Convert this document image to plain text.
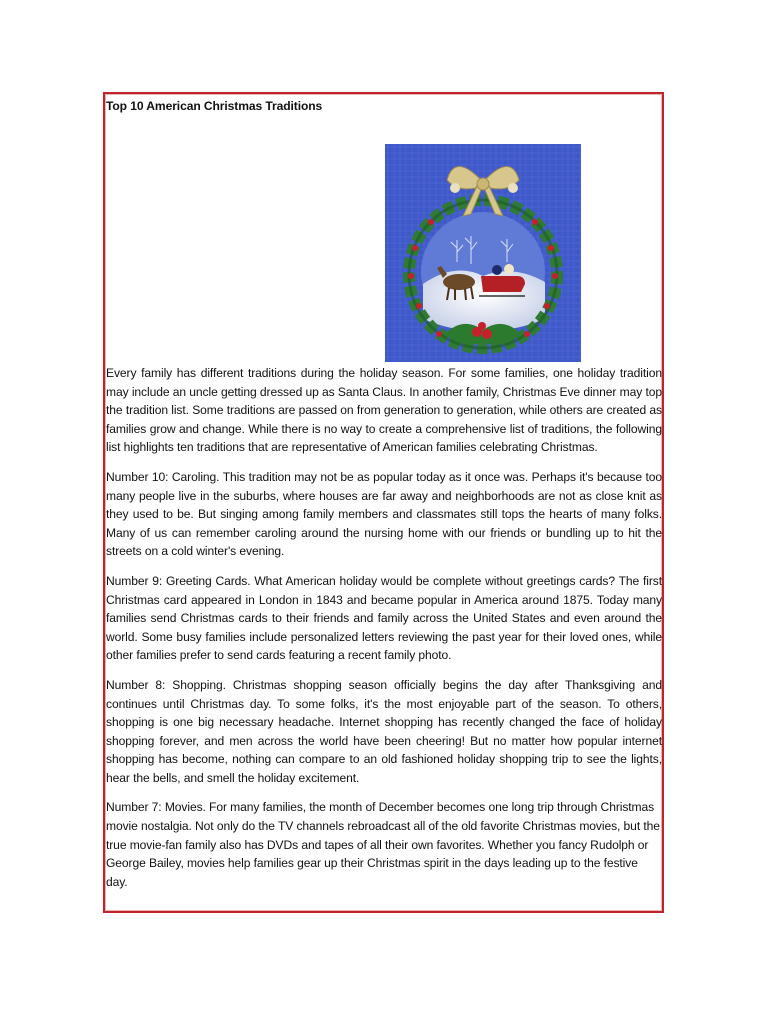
Top 10 American Christmas Traditions

Every family has different traditions during the holiday season. For some families, one holiday tradition may include an uncle getting dressed up as Santa Claus. In another family, Christmas Eve dinner may top the tradition list. Some traditions are passed on from generation to generation, while others are created as families grow and change. While there is no way to create a comprehensive list of traditions, the following list highlights ten traditions that are representative of American families celebrating Christmas.

Number 10: Caroling. This tradition may not be as popular today as it once was. Perhaps it's because too many people live in the suburbs, where houses are far away and neighborhoods are not as close knit as they used to be. But singing among family members and classmates still tops the hearts of many folks. Many of us can remember caroling around the nursing home with our friends or bundling up to hit the streets on a cold winter's evening.

Number 9: Greeting Cards. What American holiday would be complete without greetings cards? The first Christmas card appeared in London in 1843 and became popular in America around 1875. Today many families send Christmas cards to their friends and family across the United States and even around the world. Some busy families include personalized letters reviewing the past year for their loved ones, while other families prefer to send cards featuring a recent family photo.

Number 8: Shopping. Christmas shopping season officially begins the day after Thanksgiving and continues until Christmas day. To some folks, it's the most enjoyable part of the season. To others, shopping is one big necessary headache. Internet shopping has recently changed the face of holiday shopping forever, and men across the world have been cheering! But no matter how popular internet shopping has become, nothing can compare to an old fashioned holiday shopping trip to see the lights, hear the bells, and smell the holiday excitement.

Number 7: Movies. For many families, the month of December becomes one long trip through Christmas movie nostalgia. Not only do the TV channels rebroadcast all of the old favorite Christmas movies, but the true movie-fan family also has DVDs and tapes of all their own favorites. Whether you fancy Rudolph or George Bailey, movies help families gear up their Christmas spirit in the days leading up to the festive day.
